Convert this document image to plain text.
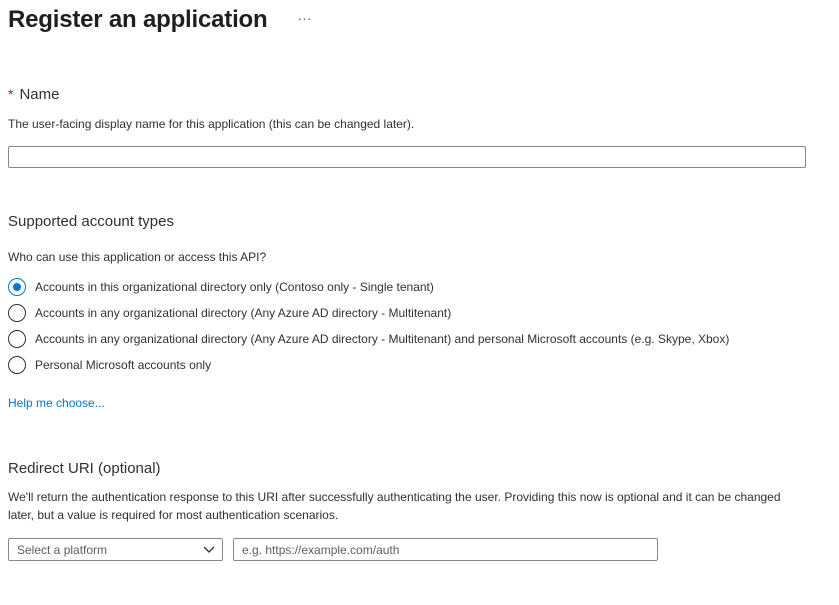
Register an application ···
* Name
The user-facing display name for this application (this can be changed later).
Supported account types
Who can use this application or access this API?
Accounts in this organizational directory only (Contoso only - Single tenant)
Accounts in any organizational directory (Any Azure AD directory - Multitenant)
Accounts in any organizational directory (Any Azure AD directory - Multitenant) and personal Microsoft accounts (e.g. Skype, Xbox)
Personal Microsoft accounts only
Help me choose...
Redirect URI (optional)
We'll return the authentication response to this URI after successfully authenticating the user. Providing this now is optional and it can be changed later, but a value is required for most authentication scenarios.
Select a platform
e.g. https://example.com/auth
